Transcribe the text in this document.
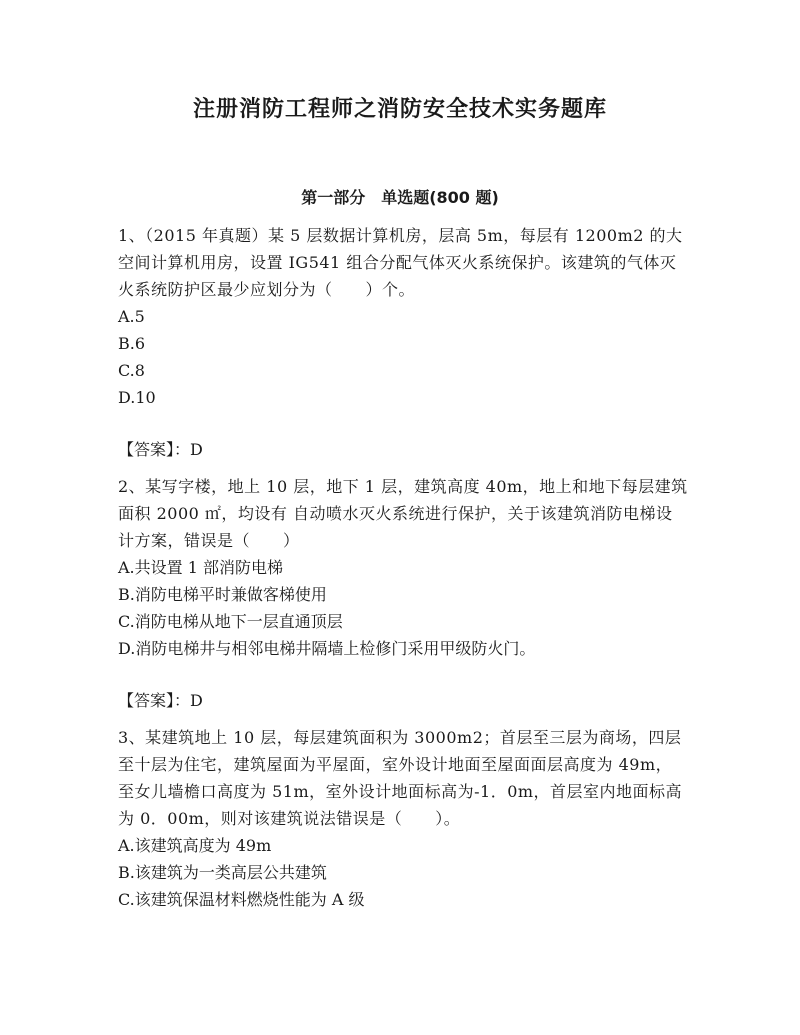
注册消防工程师之消防安全技术实务题库
第一部分　单选题(800 题)

1、（2015 年真题）某 5 层数据计算机房，层高 5m，每层有 1200m2 的大空间计算机用房，设置 IG541 组合分配气体灭火系统保护。该建筑的气体灭火系统防护区最少应划分为（　　）个。

A.5

B.6

C.8

D.10

【答案】：D

2、某写字楼，地上 10 层，地下 1 层，建筑高度 40m，地上和地下每层建筑面积 2000 ㎡，均设有 自动喷水灭火系统进行保护，关于该建筑消防电梯设计方案，错误是（　　）

A.共设置 1 部消防电梯

B.消防电梯平时兼做客梯使用

C.消防电梯从地下一层直通顶层

D.消防电梯井与相邻电梯井隔墙上检修门采用甲级防火门。

【答案】：D

3、某建筑地上 10 层，每层建筑面积为 3000m2；首层至三层为商场，四层至十层为住宅，建筑屋面为平屋面，室外设计地面至屋面面层高度为 49m，至女儿墙檐口高度为 51m，室外设计地面标高为-1．0m，首层室内地面标高为 0．00m，则对该建筑说法错误是（　　）。

A.该建筑高度为 49m

B.该建筑为一类高层公共建筑

C.该建筑保温材料燃烧性能为 A 级
